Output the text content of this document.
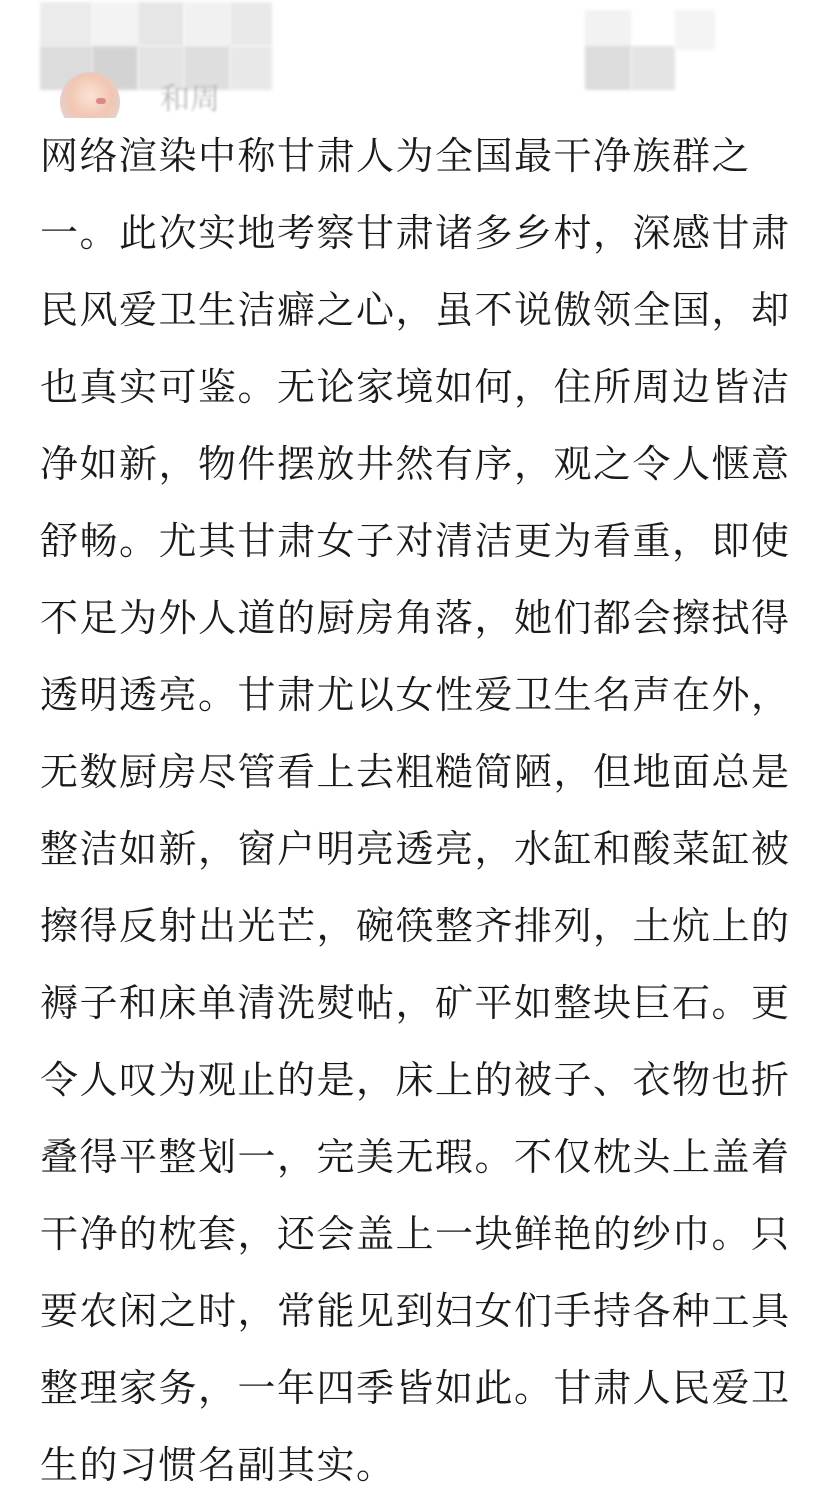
和周

网络渲染中称甘肃人为全国最干净族群之一。此次实地考察甘肃诸多乡村，深感甘肃民风爱卫生洁癖之心，虽不说傲领全国，却也真实可鉴。无论家境如何，住所周边皆洁净如新，物件摆放井然有序，观之令人惬意舒畅。尤其甘肃女子对清洁更为看重，即使不足为外人道的厨房角落，她们都会擦拭得透明透亮。甘肃尤以女性爱卫生名声在外，无数厨房尽管看上去粗糙简陋，但地面总是整洁如新，窗户明亮透亮，水缸和酸菜缸被擦得反射出光芒，碗筷整齐排列，土炕上的褥子和床单清洗熨帖，矿平如整块巨石。更令人叹为观止的是，床上的被子、衣物也折叠得平整划一，完美无瑕。不仅枕头上盖着干净的枕套，还会盖上一块鲜艳的纱巾。只要农闲之时，常能见到妇女们手持各种工具整理家务，一年四季皆如此。甘肃人民爱卫生的习惯名副其实。
